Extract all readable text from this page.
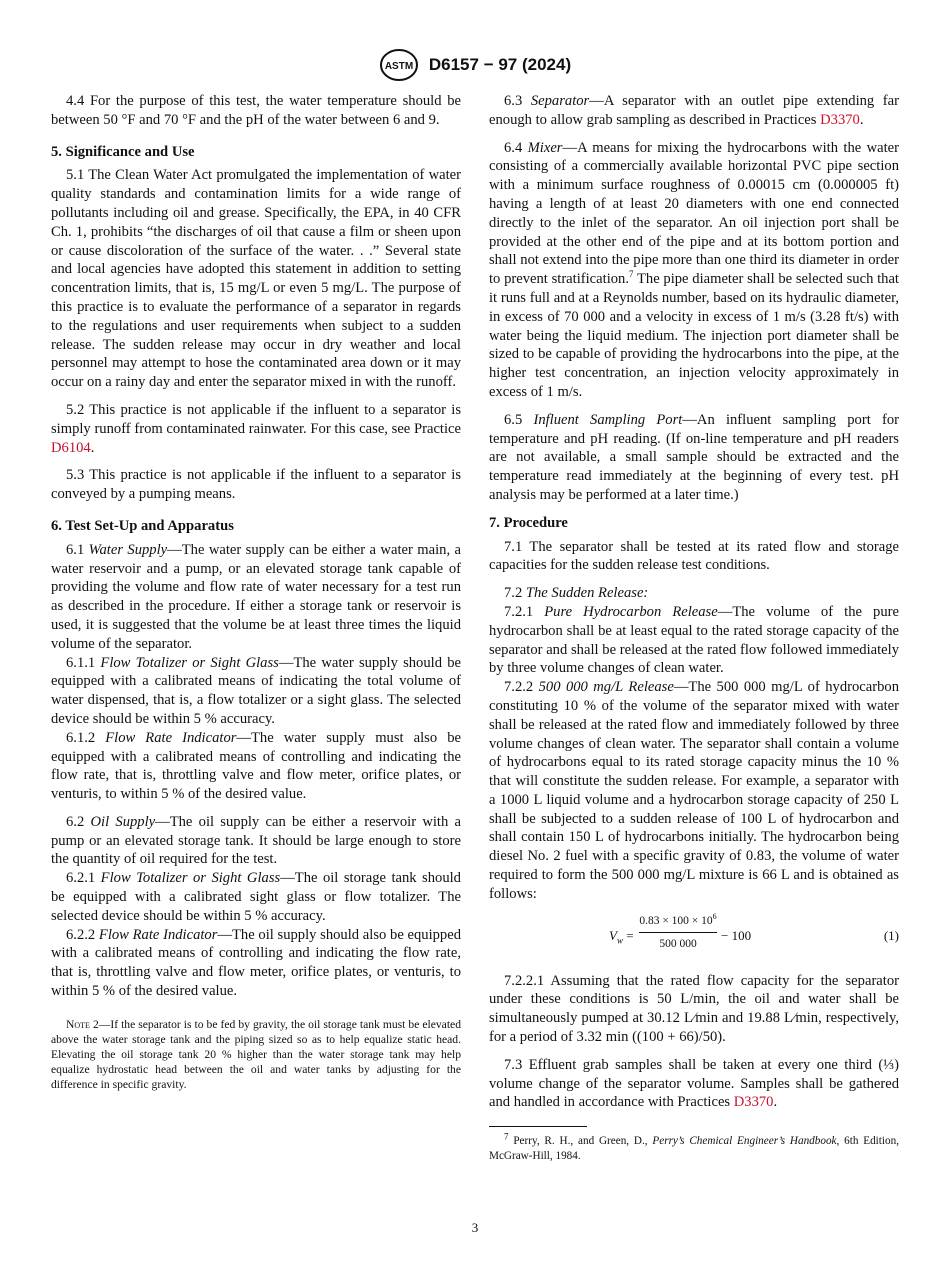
ASTM D6157 − 97 (2024)

4.4 For the purpose of this test, the water temperature should be between 50 °F and 70 °F and the pH of the water between 6 and 9.

5. Significance and Use

5.1 The Clean Water Act promulgated the implementation of water quality standards and contamination limits for a wide range of pollutants including oil and grease. Specifically, the EPA, in 40 CFR Ch. 1, prohibits “the discharges of oil that cause a film or sheen upon or cause discoloration of the surface of the water. . .” Several state and local agencies have adopted this statement in addition to setting concentration limits, that is, 15 mg/L or even 5 mg/L. The purpose of this practice is to evaluate the performance of a separator in regards to the regulations and user requirements when subject to a sudden release. The sudden release may occur in dry weather and local personnel may attempt to hose the contaminated area down or it may occur on a rainy day and enter the separator mixed in with the runoff.

5.2 This practice is not applicable if the influent to a separator is simply runoff from contaminated rainwater. For this case, see Practice D6104.

5.3 This practice is not applicable if the influent to a separator is conveyed by a pumping means.

6. Test Set-Up and Apparatus

6.1 Water Supply—The water supply can be either a water main, a water reservoir and a pump, or an elevated storage tank capable of providing the volume and flow rate of water necessary for a test run as described in the procedure. If either a storage tank or reservoir is used, it is suggested that the volume be at least three times the liquid volume of the separator.

6.1.1 Flow Totalizer or Sight Glass—The water supply should be equipped with a calibrated means of indicating the total volume of water dispensed, that is, a flow totalizer or a sight glass. The selected device should be within 5 % accuracy.

6.1.2 Flow Rate Indicator—The water supply must also be equipped with a calibrated means of controlling and indicating the flow rate, that is, throttling valve and flow meter, orifice plates, or venturis, to within 5 % of the desired value.

6.2 Oil Supply—The oil supply can be either a reservoir with a pump or an elevated storage tank. It should be large enough to store the quantity of oil required for the test.

6.2.1 Flow Totalizer or Sight Glass—The oil storage tank should be equipped with a calibrated sight glass or flow totalizer. The selected device should be within 5 % accuracy.

6.2.2 Flow Rate Indicator—The oil supply should also be equipped with a calibrated means of controlling and indicating the flow rate, that is, throttling valve and flow meter, orifice plates, or venturis, to within 5 % of the desired value.

Note 2—If the separator is to be fed by gravity, the oil storage tank must be elevated above the water storage tank and the piping sized so as to help equalize static head. Elevating the oil storage tank 20 % higher than the water storage tank may help equalize hydrostatic head between the oil and water tanks by adjusting for the difference in specific gravity.

6.3 Separator—A separator with an outlet pipe extending far enough to allow grab sampling as described in Practices D3370.

6.4 Mixer—A means for mixing the hydrocarbons with the water consisting of a commercially available horizontal PVC pipe section with a minimum surface roughness of 0.00015 cm (0.000005 ft) having a length of at least 20 diameters with one end connected directly to the inlet of the separator. An oil injection port shall be provided at the other end of the pipe and at its bottom portion and shall not extend into the pipe more than one third its diameter in order to prevent stratification.$^7$ The pipe diameter shall be selected such that it runs full and at a Reynolds number, based on its hydraulic diameter, in excess of 70 000 and a velocity in excess of 1 m/s (3.28 ft/s) with water being the liquid medium. The injection port diameter shall be sized to be capable of providing the hydrocarbons into the pipe, at the higher test concentration, an injection velocity approximately in excess of 1 m/s.

6.5 Influent Sampling Port—An influent sampling port for temperature and pH reading. (If on-line temperature and pH readers are not available, a small sample should be extracted and the temperature read immediately at the beginning of every test. pH analysis may be performed at a later time.)

7. Procedure

7.1 The separator shall be tested at its rated flow and storage capacities for the sudden release test conditions.

7.2 The Sudden Release:

7.2.1 Pure Hydrocarbon Release—The volume of the pure hydrocarbon shall be at least equal to the rated storage capacity of the separator and shall be released at the rated flow followed immediately by three volume changes of clean water.

7.2.2 500 000 mg/L Release—The 500 000 mg/L of hydrocarbon constituting 10 % of the volume of the separator mixed with water shall be released at the rated flow and immediately followed by three volume changes of clean water. The separator shall contain a volume of hydrocarbons equal to its rated storage capacity minus the 10 % that will constitute the sudden release. For example, a separator with a 1000 L liquid volume and a hydrocarbon storage capacity of 250 L shall be subjected to a sudden release of 100 L of hydrocarbon and shall contain 150 L of hydrocarbons initially. The hydrocarbon being diesel No. 2 fuel with a specific gravity of 0.83, the volume of water required to form the 500 000 mg/L mixture is 66 L and is obtained as follows:

$V_w = \frac{0.83 \times 100 \times 10^6}{500 000} - 100$	(1)

7.2.2.1 Assuming that the rated flow capacity for the separator under these conditions is 50 L/min, the oil and water shall be simultaneously pumped at 30.12 L⁄min and 19.88 L⁄min, respectively, for a period of 3.32 min ((100 + 66)/50).

7.3 Effluent grab samples shall be taken at every one third (⅓) volume change of the separator volume. Samples shall be gathered and handled in accordance with Practices D3370.

$^7$ Perry, R. H., and Green, D., Perry’s Chemical Engineer’s Handbook, 6th Edition, McGraw-Hill, 1984.

3
